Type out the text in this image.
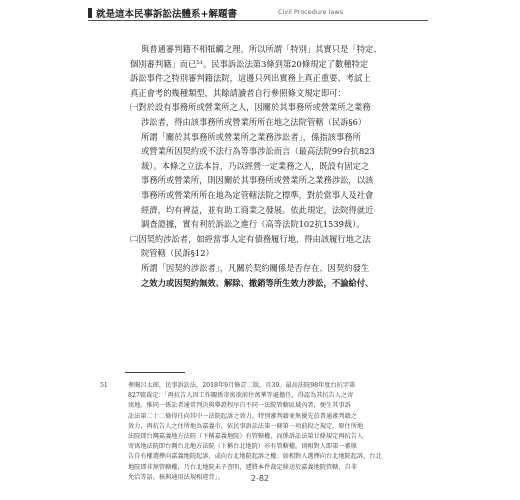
就是這本民事訴訟法體系+解題書	Civil Procedure laws
與普通審判籍不相牴觸之理，所以所謂「特別」其實只是「特定、
個別審判籍」而已⁵¹。民事訴訟法第3條到第20條規定了數種特定
訴訟事件之特別審判籍法院，這邊只列出實務上真正重要、考試上
真正會考的幾種類型，其餘請讀者自行參照條文規定即可：
㈠對於設有事務所或營業所之人，因關於其事務所或營業所之業務
涉訟者，得由該事務所或營業所所在地之法院管轄（民訴§6）
所謂「關於其事務所或營業所之業務涉訟者」，係指該事務所
或營業所因契約或不法行為等事涉訟而言（最高法院99台抗823
裁）。本條之立法本旨，乃以經營一定業務之人，既設有固定之
事務所或營業所，則因關於其事務所或營業所之業務涉訟，以該
事務所或營業所所在地為定管轄法院之標準，對於當事人及社會
經濟，均有裨益，並有助工商業之發展。依此規定，法院得就近
調查證據，實有利於訴訟之進行（高等法院102抗1539裁）。
㈡因契約涉訟者，如經當事人定有債務履行地，得由該履行地之法
院管轄（民訴§12）
所謂「因契約涉訟者」，凡關於契約關係是否存在、因契約發生
之效力或因契約無效、解除、撤銷等所生效力涉訟，不論給付、
51	參閱呂太郎，民事訴訟法，2018年9月修訂二版，頁39。最高法院98年度台抗字第
827號裁定：「再抗告人因工作關係寄寓欲前往萬華等處擔任，得認為其抗告人之寄
寓地。惟同一係訟者通常判決與舉證程序自不同一法院管轄區域內者，便生其事訴
訟法第二十二條得任向其中一法院起訴之效力。特別審判籍並無優先於普通審判籍之
效力，再抗告人之住所地為嘉義市，依民事訴訟法第一條第一項前段之規定，原住所地
法院即台灣嘉義地方法院（下稱嘉義地院）有管轄權，而係訴訟法第廿條規定再抗告人
寄寓地法院即台灣台北地方法院（下稱台北地院）亦有管轄權。則相對人即第一審原
告自有權選擇向嘉義地院起訴，或向台北地院起訴之權；如相對人選擇向台北地院起訴，台北
地院即非無管轄權，乃台北地院未予查明，遽將本件裁定移送於嘉義地院管轄，自非
允洽等語，核與通用法規相違背」。	2-82
